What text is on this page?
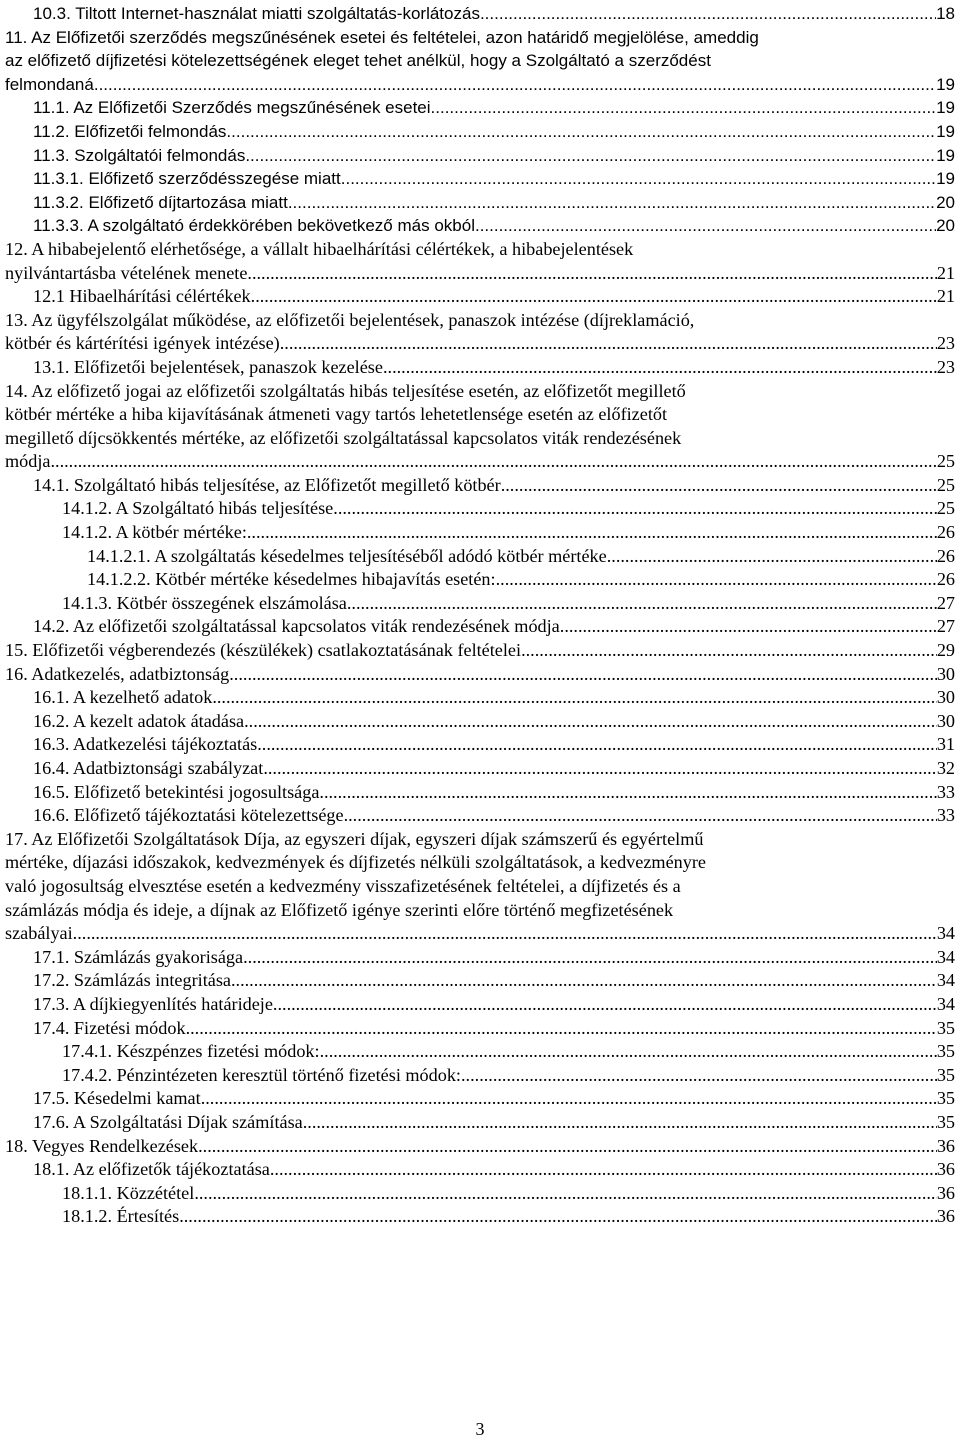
10.3. Tiltott Internet-használat miatti szolgáltatás-korlátozás .....	18
11. Az Előfizetői szerződés megszűnésének esetei és feltételei, azon határidő megjelölése, ameddig
az előfizető díjfizetési kötelezettségének eleget tehet anélkül, hogy a Szolgáltató a szerződést
felmondaná .....	19
11.1. Az Előfizetői Szerződés megszűnésének esetei .....	19
11.2. Előfizetői felmondás .....	19
11.3. Szolgáltatói felmondás .....	19
11.3.1. Előfizető szerződésszegése miatt .....	19
11.3.2. Előfizető díjtartozása miatt .....	20
11.3.3. A szolgáltató érdekkörében bekövetkező más okból .....	20
12. A hibabejelentő elérhetősége, a vállalt hibaelhárítási célértékek, a hibabejelentések
nyilvántartásba vételének menete .....	21
12.1 Hibaelhárítási célértékek .....	21
13. Az ügyfélszolgálat működése, az előfizetői bejelentések, panaszok intézése (díjreklamáció,
kötbér és kártérítési igények intézése). .....	23
13.1. Előfizetői bejelentések, panaszok kezelése .....	23
14. Az előfizető jogai az előfizetői szolgáltatás hibás teljesítése esetén, az előfizetőt megillető
kötbér mértéke a hiba kijavításának átmeneti vagy tartós lehetetlensége esetén az előfizetőt
megillető díjcsökkentés mértéke, az előfizetői szolgáltatással kapcsolatos viták rendezésének
módja .....	25
14.1. Szolgáltató hibás teljesítése, az Előfizetőt megillető kötbér .....	25
14.1.2. A Szolgáltató hibás teljesítése .....	25
14.1.2. A kötbér mértéke: .....	26
14.1.2.1. A szolgáltatás késedelmes teljesítéséből adódó kötbér mértéke .....	26
14.1.2.2. Kötbér mértéke késedelmes hibajavítás esetén: .....	26
14.1.3. Kötbér összegének elszámolása .....	27
14.2. Az előfizetői szolgáltatással kapcsolatos viták rendezésének módja .....	27
15. Előfizetői végberendezés (készülékek) csatlakoztatásának feltételei .....	29
16. Adatkezelés, adatbiztonság .....	30
16.1. A kezelhető adatok .....	30
16.2. A kezelt adatok átadása .....	30
16.3. Adatkezelési tájékoztatás .....	31
16.4. Adatbiztonsági szabályzat .....	32
16.5. Előfizető betekintési jogosultsága .....	33
16.6. Előfizető tájékoztatási kötelezettsége .....	33
17. Az Előfizetői Szolgáltatások Díja, az egyszeri díjak, egyszeri díjak számszerű és egyértelmű
mértéke, díjazási időszakok, kedvezmények és díjfizetés nélküli szolgáltatások, a kedvezményre
való jogosultság elvesztése esetén a kedvezmény visszafizetésének feltételei, a díjfizetés és a
számlázás módja és ideje, a díjnak az Előfizető igénye szerinti előre történő megfizetésének
szabályai .....	34
17.1. Számlázás gyakorisága .....	34
17.2. Számlázás integritása .....	34
17.3. A díjkiegyenlítés határideje .....	34
17.4. Fizetési módok .....	35
17.4.1. Készpénzes fizetési módok: .....	35
17.4.2. Pénzintézeten keresztül történő fizetési módok: .....	35
17.5. Késedelmi kamat .....	35
17.6. A Szolgáltatási Díjak számítása .....	35
18. Vegyes Rendelkezések .....	36
18.1. Az előfizetők tájékoztatása .....	36
18.1.1. Közzététel .....	36
18.1.2. Értesítés .....	36
3
